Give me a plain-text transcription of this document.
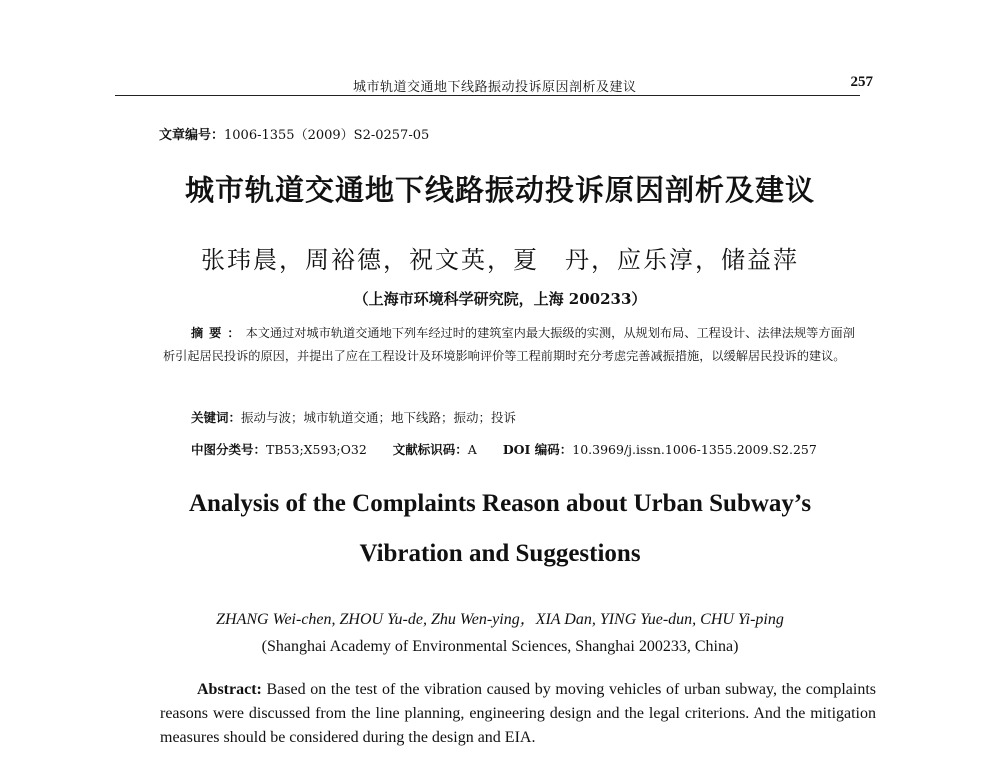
城市轨道交通地下线路振动投诉原因剖析及建议	257
文章编号：1006-1355（2009）S2-0257-05
城市轨道交通地下线路振动投诉原因剖析及建议
张玮晨，周裕德，祝文英，夏　丹，应乐淳，储益萍
（上海市环境科学研究院，上海 200233）
摘要：本文通过对城市轨道交通地下列车经过时的建筑室内最大振级的实测，从规划布局、工程设计、法律法规等方面剖析引起居民投诉的原因，并提出了应在工程设计及环境影响评价等工程前期时充分考虑完善减振措施，以缓解居民投诉的建议。
关键词：振动与波；城市轨道交通；地下线路；振动；投诉
中图分类号：TB53;X593;O32 文献标识码：A DOI 编码：10.3969/j.issn.1006-1355.2009.S2.257
Analysis of the Complaints Reason about Urban Subway’s
Vibration and Suggestions
ZHANG Wei-chen, ZHOU Yu-de, Zhu Wen-ying，XIA Dan, YING Yue-dun, CHU Yi-ping
(Shanghai Academy of Environmental Sciences, Shanghai 200233, China)
Abstract: Based on the test of the vibration caused by moving vehicles of urban subway, the complaints reasons were discussed from the line planning, engineering design and the legal criterions. And the mitigation measures should be considered during the design and EIA.
